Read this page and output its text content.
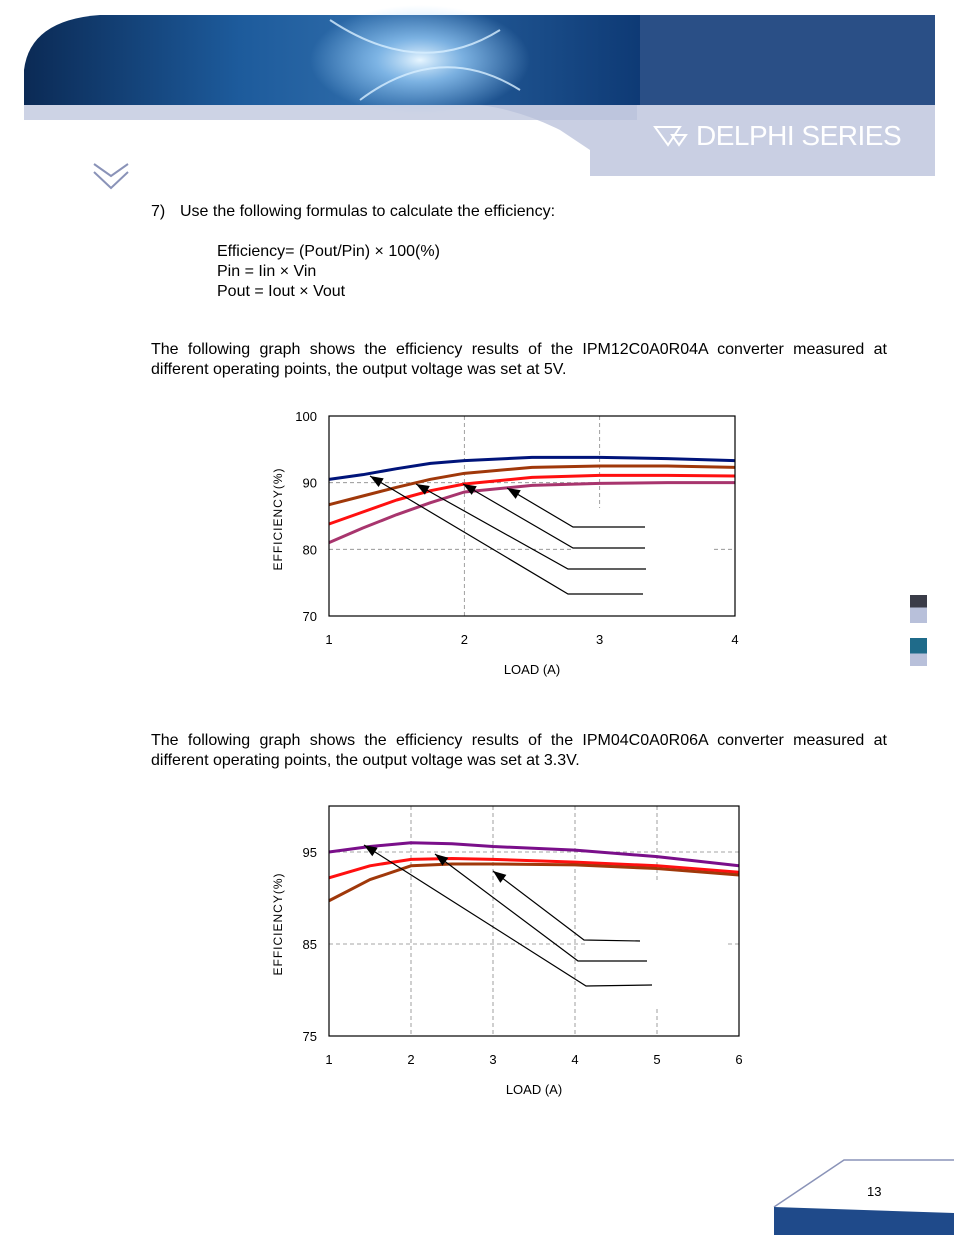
DELPHI SERIES
7) Use the following formulas to calculate the efficiency:
Efficiency= (Pout/Pin) × 100(%)
Pin = Iin × Vin
Pout = Iout × Vout
The following graph shows the efficiency results of the IPM12C0A0R04A converter measured at
different operating points, the output voltage was set at 5V.
1	2	3	4
70
80
90
100
LOAD (A)
EFFICIENCY(%)
The following graph shows the efficiency results of the IPM04C0A0R06A converter measured at
different operating points, the output voltage was set at 3.3V.
1	2	3	4	5	6
75
85
95
LOAD (A)
EFFICIENCY(%)
13
